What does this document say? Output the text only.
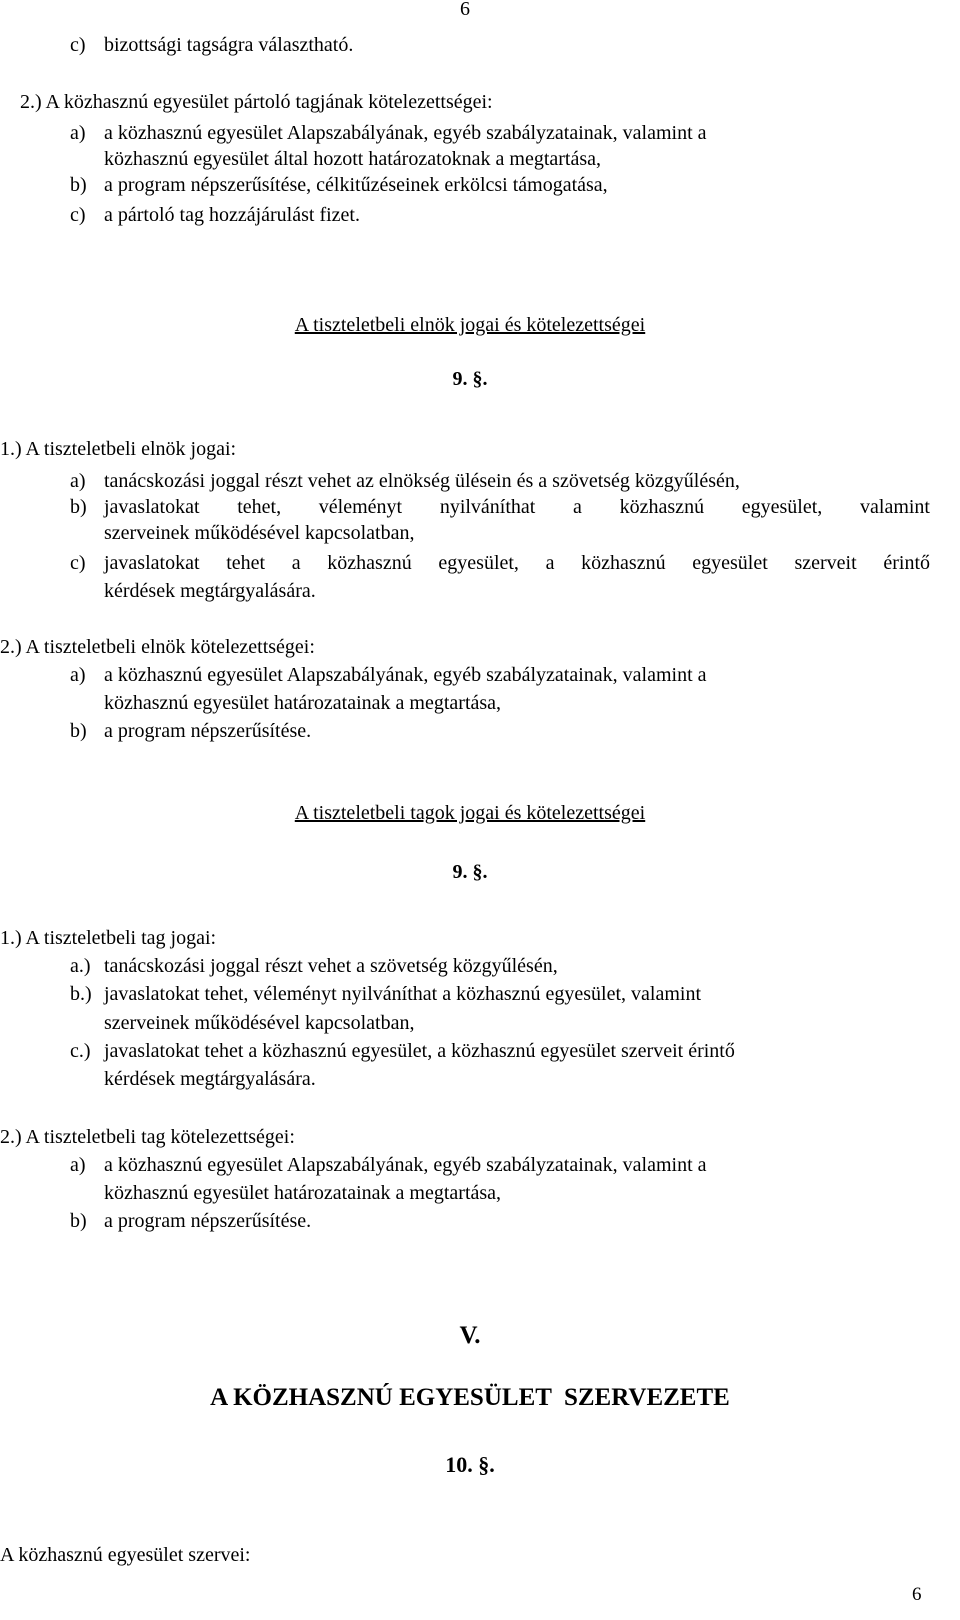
6
c) bizottsági tagságra választható.
2.) A közhasznú egyesület pártoló tagjának kötelezettségei:
a) a közhasznú egyesület Alapszabályának, egyéb szabályzatainak, valamint a
közhasznú egyesület által hozott határozatoknak a megtartása,
b) a program népszerűsítése, célkitűzéseinek erkölcsi támogatása,
c) a pártoló tag hozzájárulást fizet.
A tiszteletbeli elnök jogai és kötelezettségei
9. §.
1.) A tiszteletbeli elnök jogai:
a) tanácskozási joggal részt vehet az elnökség ülésein és a szövetség közgyűlésén,
b) javaslatokat tehet, véleményt nyilváníthat a közhasznú egyesület, valamint
szerveinek működésével kapcsolatban,
c) javaslatokat tehet a közhasznú egyesület, a közhasznú egyesület szerveit érintő
kérdések megtárgyalására.
2.) A tiszteletbeli elnök kötelezettségei:
a) a közhasznú egyesület Alapszabályának, egyéb szabályzatainak, valamint a
közhasznú egyesület határozatainak a megtartása,
b) a program népszerűsítése.
A tiszteletbeli tagok jogai és kötelezettségei
9. §.
1.) A tiszteletbeli tag jogai:
a.) tanácskozási joggal részt vehet a szövetség közgyűlésén,
b.) javaslatokat tehet, véleményt nyilváníthat a közhasznú egyesület, valamint
szerveinek működésével kapcsolatban,
c.) javaslatokat tehet a közhasznú egyesület, a közhasznú egyesület szerveit érintő
kérdések megtárgyalására.
2.) A tiszteletbeli tag kötelezettségei:
a) a közhasznú egyesület Alapszabályának, egyéb szabályzatainak, valamint a
közhasznú egyesület határozatainak a megtartása,
b) a program népszerűsítése.
V.
A KÖZHASZNÚ EGYESÜLET  SZERVEZETE
10. §.
A közhasznú egyesület szervei:
6
